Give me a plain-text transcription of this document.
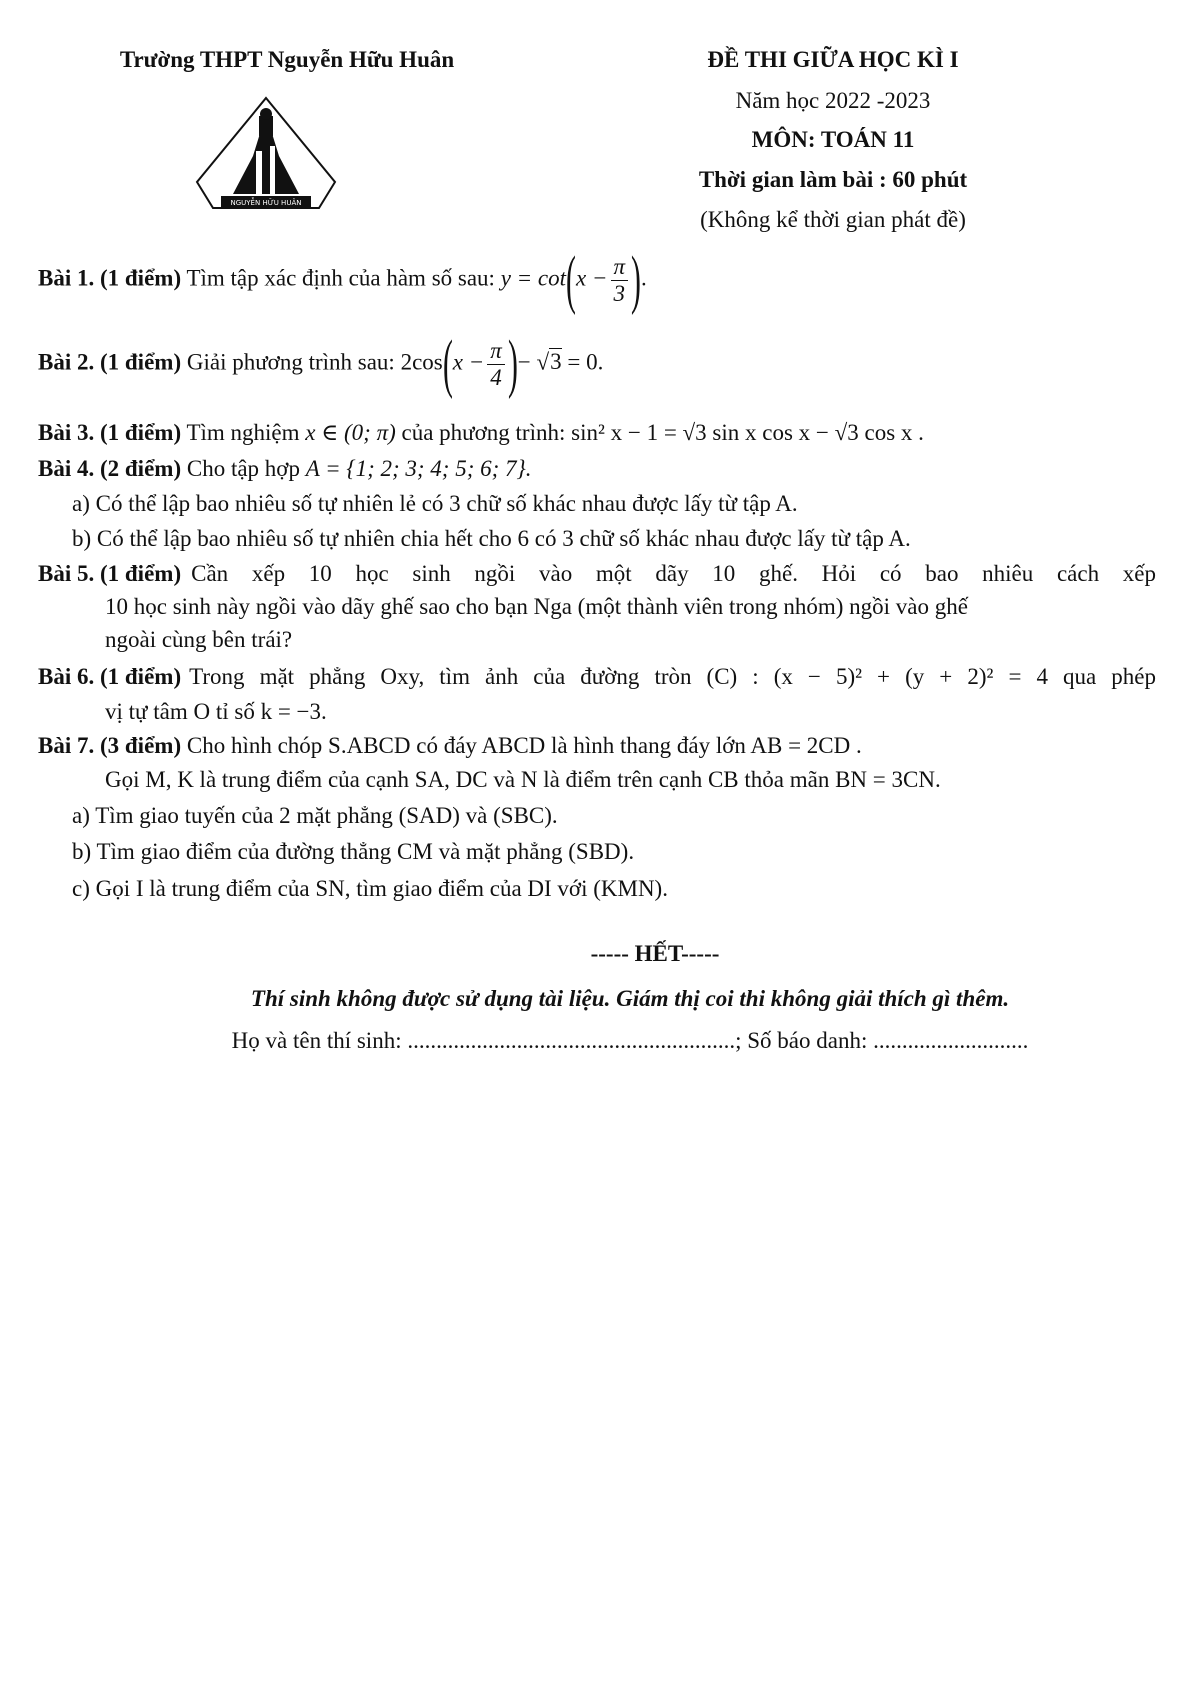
Trường THPT Nguyễn Hữu Huân
NGUYỄN HỮU HUÂN
ĐỀ THI GIỮA HỌC KÌ I
Năm học 2022 -2023
MÔN: TOÁN 11
Thời gian làm bài : 60 phút
(Không kể thời gian phát đề)
Bài 1. (1 điểm) Tìm tập xác định của hàm số sau: $y = \cot(x - \frac{\pi}{3}$ ).
Bài 2. (1 điểm) Giải phương trình sau: $2\cos(x - \frac{\pi}{4}$ )− √3 = 0.
Bài 3. (1 điểm) Tìm nghiệm x ∈ (0; π) của phương trình: sin² x − 1 = √3 sin x cos x − √3 cos x .
Bài 4. (2 điểm) Cho tập hợp A = {1; 2; 3; 4; 5; 6; 7}.
a) Có thể lập bao nhiêu số tự nhiên lẻ có 3 chữ số khác nhau được lấy từ tập A.
b) Có thể lập bao nhiêu số tự nhiên chia hết cho 6 có 3 chữ số khác nhau được lấy từ tập A.
Bài 5. (1 điểm) Cần xếp 10 học sinh ngồi vào một dãy 10 ghế. Hỏi có bao nhiêu cách xếp
10 học sinh này ngồi vào dãy ghế sao cho bạn Nga (một thành viên trong nhóm) ngồi vào ghế
ngoài cùng bên trái?
Bài 6. (1 điểm) Trong mặt phẳng Oxy, tìm ảnh của đường tròn (C) : (x − 5)² + (y + 2)² = 4 qua phép
vị tự tâm O tỉ số k = −3.
Bài 7. (3 điểm) Cho hình chóp S.ABCD có đáy ABCD là hình thang đáy lớn AB = 2CD .
Gọi M, K là trung điểm của cạnh SA, DC và N là điểm trên cạnh CB thỏa mãn BN = 3CN.
a) Tìm giao tuyến của 2 mặt phẳng (SAD) và (SBC).
b) Tìm giao điểm của đường thẳng CM và mặt phẳng (SBD).
c) Gọi I là trung điểm của SN, tìm giao điểm của DI với (KMN).
----- HẾT-----
Thí sinh không được sử dụng tài liệu. Giám thị coi thi không giải thích gì thêm.
Họ và tên thí sinh: .........................................................; Số báo danh: ...........................
